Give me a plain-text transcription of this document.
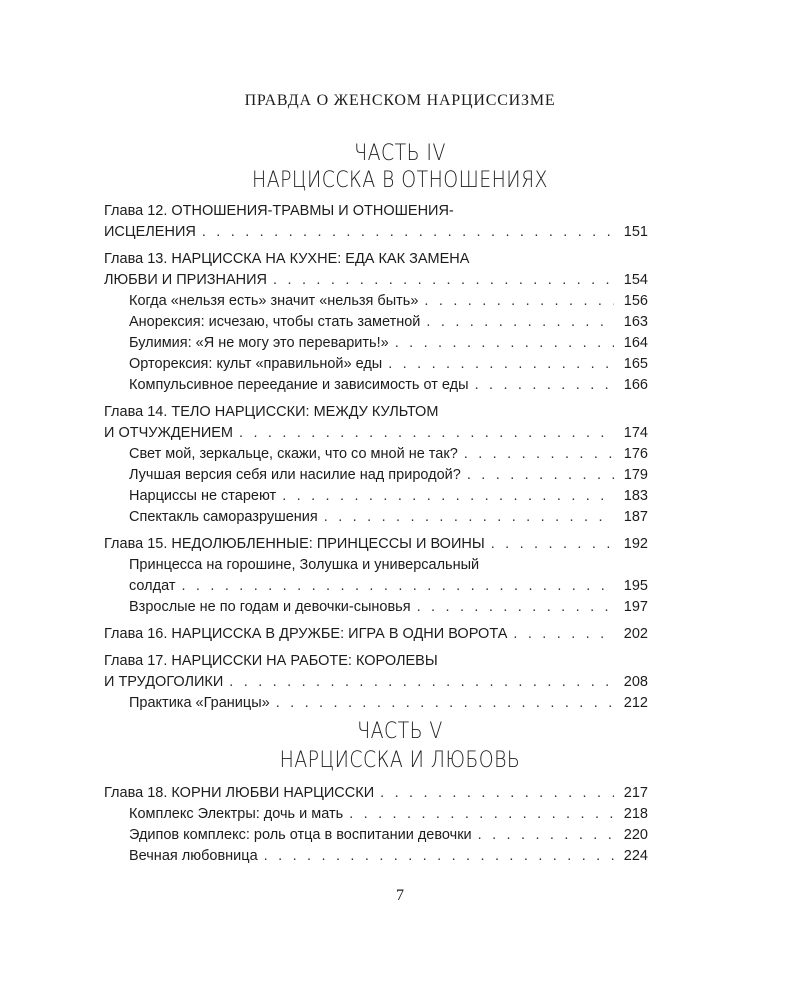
ПРАВДА О ЖЕНСКОМ НАРЦИССИЗМЕ
ЧАСТЬ IV
НАРЦИССКА В ОТНОШЕНИЯХ
Глава 12. ОТНОШЕНИЯ-ТРАВМЫ И ОТНОШЕНИЯ-
ИСЦЕЛЕНИЯ . . .	151
Глава 13. НАРЦИССКА НА КУХНЕ: ЕДА КАК ЗАМЕНА
ЛЮБВИ И ПРИЗНАНИЯ . . .	154
Когда «нельзя есть» значит «нельзя быть» . . .	156
Анорексия: исчезаю, чтобы стать заметной . . .	163
Булимия: «Я не могу это переварить!» . . .	164
Орторексия: культ «правильной» еды . . .	165
Компульсивное переедание и зависимость от еды . . .	166
Глава 14. ТЕЛО НАРЦИССКИ: МЕЖДУ КУЛЬТОМ
И ОТЧУЖДЕНИЕМ . . .	174
Свет мой, зеркальце, скажи, что со мной не так? . . .	176
Лучшая версия себя или насилие над природой? . . .	179
Нарциссы не стареют . . .	183
Спектакль саморазрушения . . .	187
Глава 15. НЕДОЛЮБЛЕННЫЕ: ПРИНЦЕССЫ И ВОИНЫ . . .	192
Принцесса на горошине, Золушка и универсальный
солдат . . .	195
Взрослые не по годам и девочки-сыновья . . .	197
Глава 16. НАРЦИССКА В ДРУЖБЕ: ИГРА В ОДНИ ВОРОТА . . .	202
Глава 17. НАРЦИССКИ НА РАБОТЕ: КОРОЛЕВЫ
И ТРУДОГОЛИКИ . . .	208
Практика «Границы» . . .	212
ЧАСТЬ V
НАРЦИССКА И ЛЮБОВЬ
Глава 18. КОРНИ ЛЮБВИ НАРЦИССКИ . . .	217
Комплекс Электры: дочь и мать . . .	218
Эдипов комплекс: роль отца в воспитании девочки . . .	220
Вечная любовница . . .	224
7
